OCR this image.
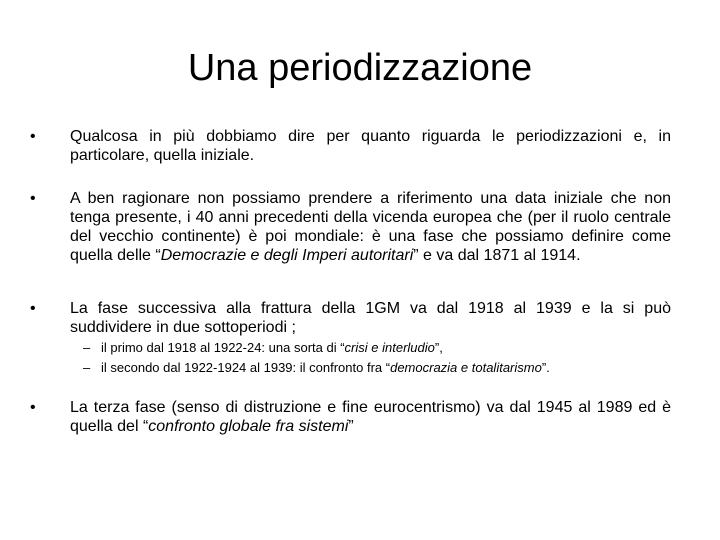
Una periodizzazione
• Qualcosa in più dobbiamo dire per quanto riguarda le periodizzazioni e, in particolare, quella iniziale.
• A ben ragionare non possiamo prendere a riferimento una data iniziale che non tenga presente, i 40 anni precedenti della vicenda europea che (per il ruolo centrale del vecchio continente) è poi mondiale: è una fase che possiamo definire come quella delle “Democrazie e degli Imperi autoritari” e va dal 1871 al 1914.
• La fase successiva alla frattura della 1GM va dal 1918 al 1939 e la si può suddividere in due sottoperiodi ;
– il primo dal 1918 al 1922-24: una sorta di “crisi e interludio”,
– il secondo dal 1922-1924 al 1939: il confronto fra “democrazia e totalitarismo”.
• La terza fase (senso di distruzione e fine eurocentrismo) va dal 1945 al 1989 ed è quella del “confronto globale fra sistemi”
